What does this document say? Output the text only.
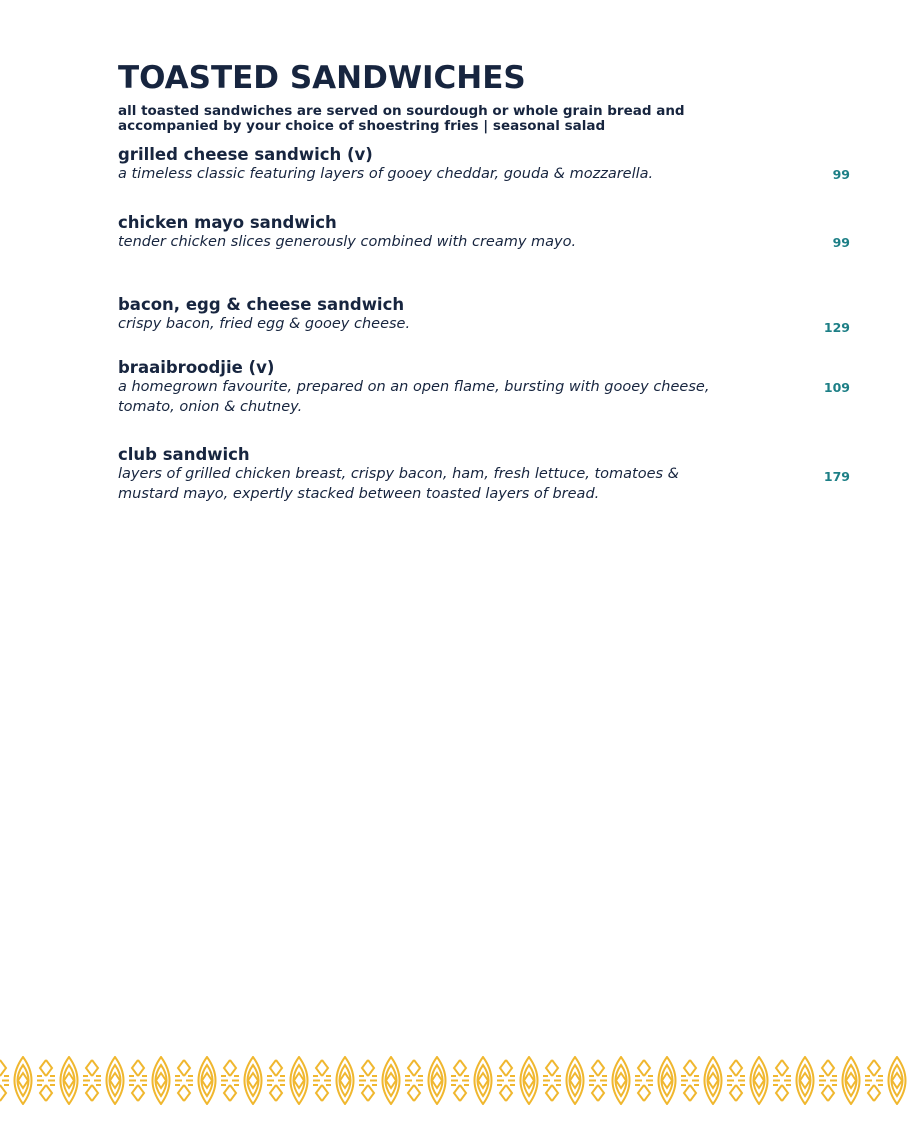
TOASTED SANDWICHES
all toasted sandwiches are served on sourdough or whole grain bread and accompanied by your choice of shoestring fries | seasonal salad
grilled cheese sandwich (v)
a timeless classic featuring layers of gooey cheddar, gouda & mozzarella.	99
chicken mayo sandwich
tender chicken slices generously combined with creamy mayo.	99
bacon, egg & cheese sandwich
crispy bacon, fried egg & gooey cheese.	129
braaibroodjie (v)
a homegrown favourite, prepared on an open flame, bursting with gooey cheese, tomato, onion & chutney.
109
club sandwich
layers of grilled chicken breast, crispy bacon, ham, fresh lettuce, tomatoes & mustard mayo, expertly stacked between toasted layers of bread.
179
